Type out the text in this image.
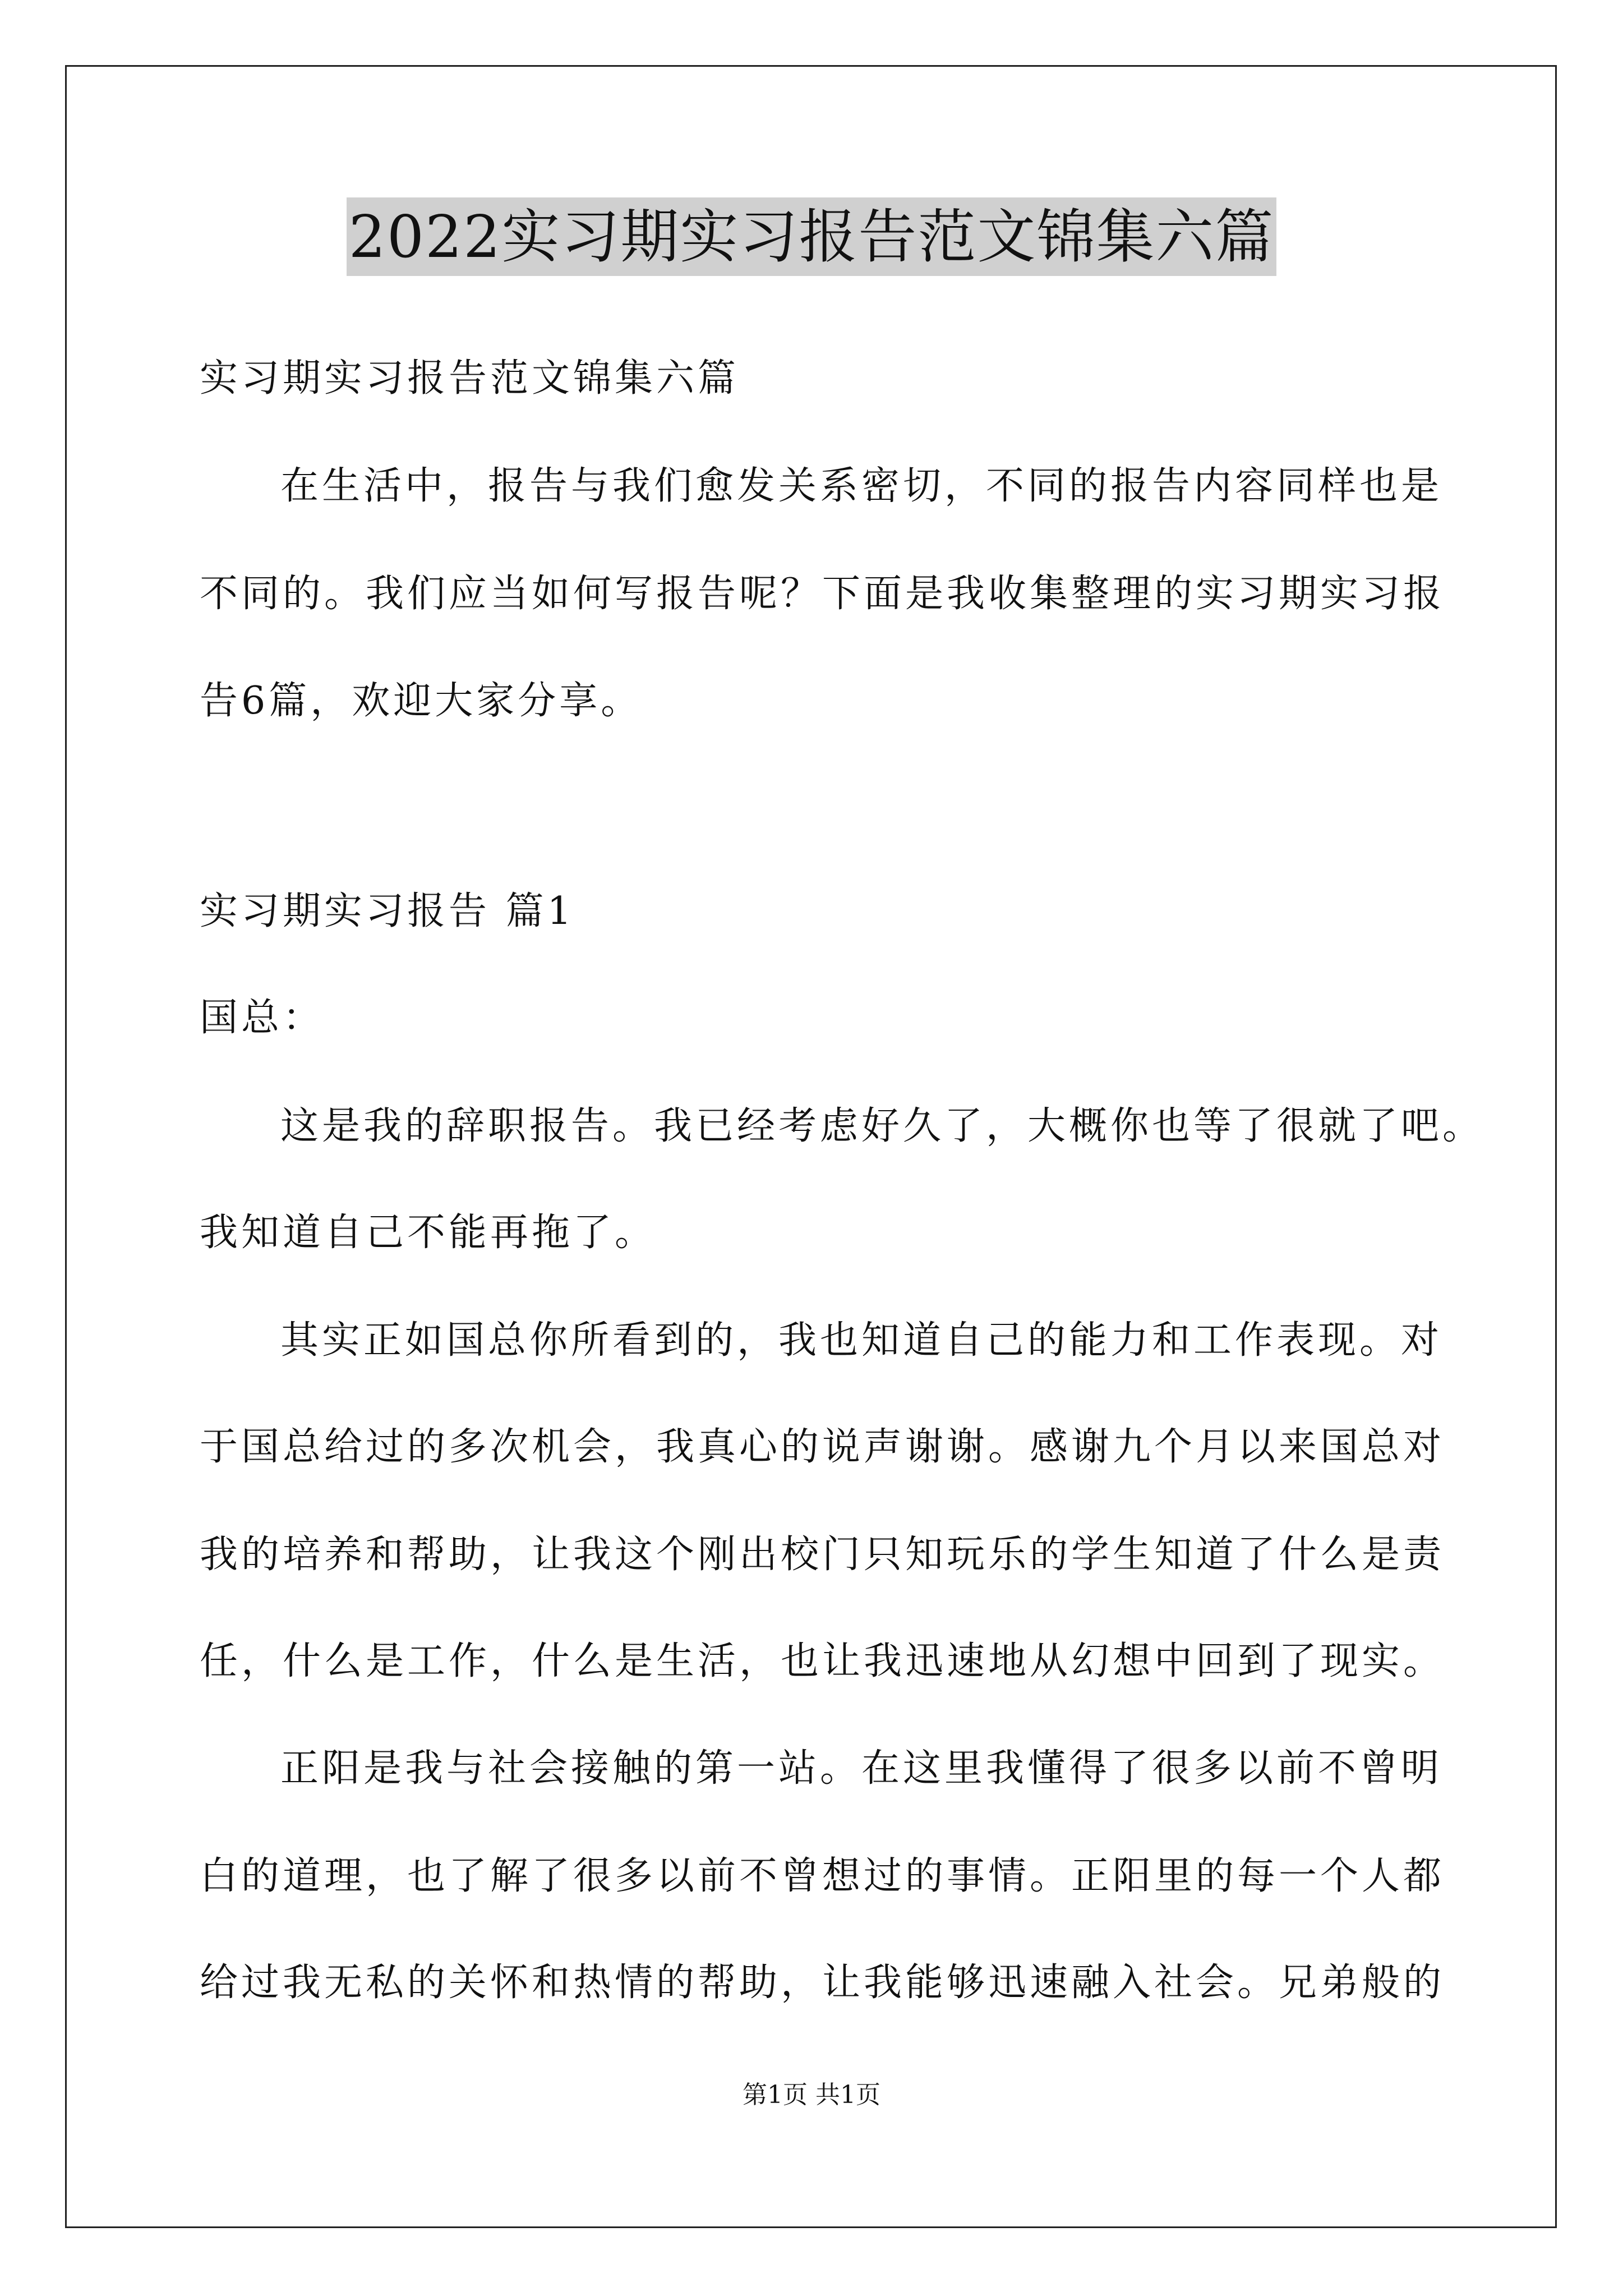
2022实习期实习报告范文锦集六篇
实习期实习报告范文锦集六篇
在生活中，报告与我们愈发关系密切，不同的报告内容同样也是
不同的。我们应当如何写报告呢？下面是我收集整理的实习期实习报
告6篇，欢迎大家分享。
实习期实习报告 篇1
国总：
这是我的辞职报告。我已经考虑好久了，大概你也等了很就了吧。
我知道自己不能再拖了。
其实正如国总你所看到的，我也知道自己的能力和工作表现。对
于国总给过的多次机会，我真心的说声谢谢。感谢九个月以来国总对
我的培养和帮助，让我这个刚出校门只知玩乐的学生知道了什么是责
任，什么是工作，什么是生活，也让我迅速地从幻想中回到了现实。
正阳是我与社会接触的第一站。在这里我懂得了很多以前不曾明
白的道理，也了解了很多以前不曾想过的事情。正阳里的每一个人都
给过我无私的关怀和热情的帮助，让我能够迅速融入社会。兄弟般的
第1页 共1页
